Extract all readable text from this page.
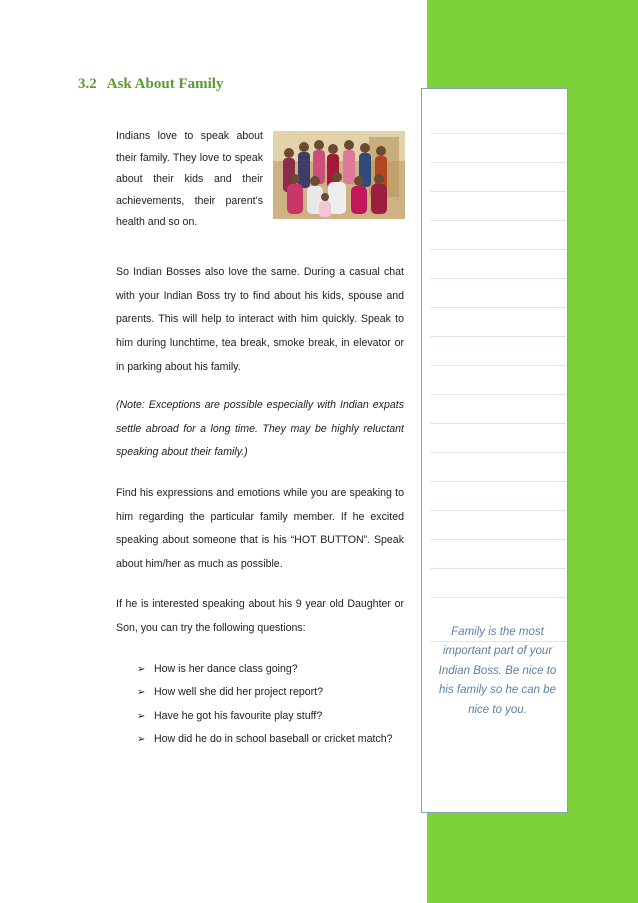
Family is the most important part of your Indian Boss. Be nice to his family so he can be nice to you.
3.2 Ask About Family
Indians love to speak about their family. They love to speak about their kids and their achievements, their parent’s health and so on.
So Indian Bosses also love the same. During a casual chat with your Indian Boss try to find about his kids, spouse and parents. This will help to interact with him quickly. Speak to him during lunchtime, tea break, smoke break, in elevator or in parking about his family.
(Note: Exceptions are possible especially with Indian expats settle abroad for a long time. They may be highly reluctant speaking about their family.)
Find his expressions and emotions while you are speaking to him regarding the particular family member. If he excited speaking about someone that is his “HOT BUTTON”. Speak about him/her as much as possible.
If he is interested speaking about his 9 year old Daughter or Son, you can try the following questions:
➢ How is her dance class going?
➢ How well she did her project report?
➢ Have he got his favourite play stuff?
➢ How did he do in school baseball or cricket match?
